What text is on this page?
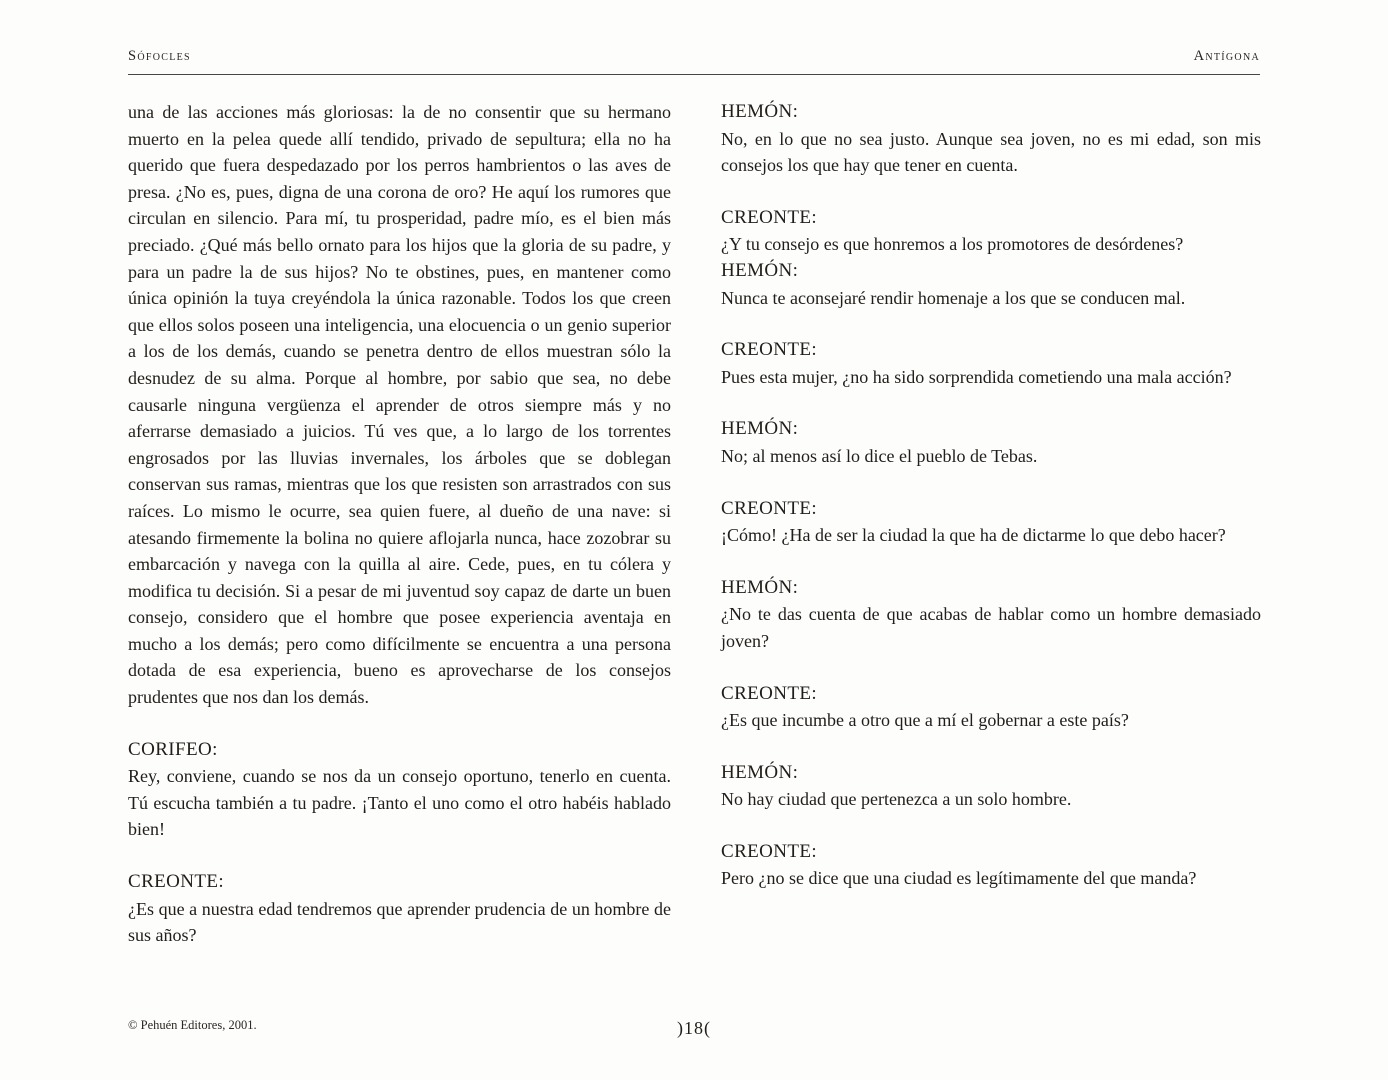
Sófocles	Antígona

una de las acciones más gloriosas: la de no consentir que su hermano muerto en la pelea quede allí tendido, privado de sepultura; ella no ha querido que fuera despedazado por los perros hambrientos o las aves de presa. ¿No es, pues, digna de una corona de oro? He aquí los rumores que circulan en silencio. Para mí, tu prosperidad, padre mío, es el bien más preciado. ¿Qué más bello ornato para los hijos que la gloria de su padre, y para un padre la de sus hijos? No te obstines, pues, en mantener como única opinión la tuya creyéndola la única razonable. Todos los que creen que ellos solos poseen una inteligencia, una elocuencia o un genio superior a los de los demás, cuando se penetra dentro de ellos muestran sólo la desnudez de su alma. Porque al hombre, por sabio que sea, no debe causarle ninguna vergüenza el aprender de otros siempre más y no aferrarse demasiado a juicios. Tú ves que, a lo largo de los torrentes engrosados por las lluvias invernales, los árboles que se doblegan conservan sus ramas, mientras que los que resisten son arrastrados con sus raíces. Lo mismo le ocurre, sea quien fuere, al dueño de una nave: si atesando firmemente la bolina no quiere aflojarla nunca, hace zozobrar su embarcación y navega con la quilla al aire. Cede, pues, en tu cólera y modifica tu decisión. Si a pesar de mi juventud soy capaz de darte un buen consejo, considero que el hombre que posee experiencia aventaja en mucho a los demás; pero como difícilmente se encuentra a una persona dotada de esa experiencia, bueno es aprovecharse de los consejos prudentes que nos dan los demás.

CORIFEO:

Rey, conviene, cuando se nos da un consejo oportuno, tenerlo en cuenta. Tú escucha también a tu padre. ¡Tanto el uno como el otro habéis hablado bien!

CREONTE:

¿Es que a nuestra edad tendremos que aprender prudencia de un hombre de sus años?

HEMÓN:

No, en lo que no sea justo. Aunque sea joven, no es mi edad, son mis consejos los que hay que tener en cuenta.

CREONTE:

¿Y tu consejo es que honremos a los promotores de desórdenes?

HEMÓN:

Nunca te aconsejaré rendir homenaje a los que se conducen mal.

CREONTE:

Pues esta mujer, ¿no ha sido sorprendida cometiendo una mala acción?

HEMÓN:

No; al menos así lo dice el pueblo de Tebas.

CREONTE:

¡Cómo! ¿Ha de ser la ciudad la que ha de dictarme lo que debo hacer?

HEMÓN:

¿No te das cuenta de que acabas de hablar como un hombre demasiado joven?

CREONTE:

¿Es que incumbe a otro que a mí el gobernar a este país?

HEMÓN:

No hay ciudad que pertenezca a un solo hombre.

CREONTE:

Pero ¿no se dice que una ciudad es legítimamente del que manda?

© Pehuén Editores, 2001.	)18(
